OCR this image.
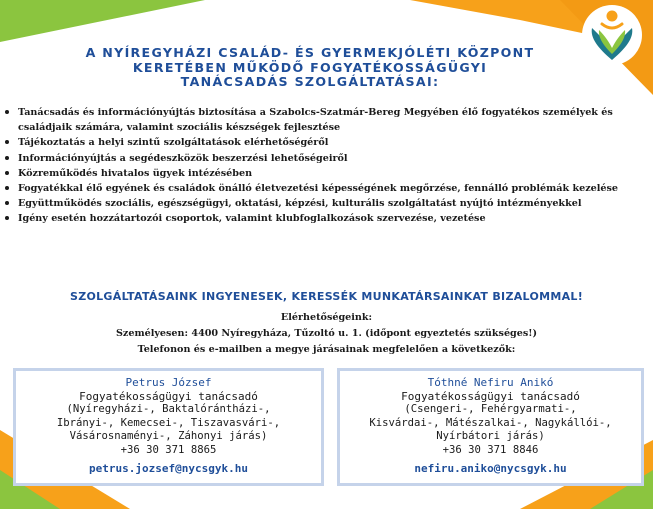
A NYÍREGYHÁZI CSALÁD- ÉS GYERMEKJÓLÉTI KÖZPONT
KERETÉBEN MŰKÖDŐ FOGYATÉKOSSÁGÜGYI
TANÁCSADÁS SZOLGÁLTATÁSAI:
Tanácsadás és információnyújtás biztosítása a Szabolcs-Szatmár-Bereg Megyében élő fogyatékos személyek és családjaik számára, valamint szociális készségek fejlesztése
Tájékoztatás a helyi szintű szolgáltatások elérhetőségéről
Információnyújtás a segédeszközök beszerzési lehetőségeiről
Közreműködés hivatalos ügyek intézésében
Fogyatékkal élő egyének és családok önálló életvezetési képességének megőrzése, fennálló problémák kezelése
Együttműködés szociális, egészségügyi, oktatási, képzési, kulturális szolgáltatást nyújtó intézményekkel
Igény esetén hozzátartozói csoportok, valamint klubfoglalkozások szervezése, vezetése
SZOLGÁLTATÁSAINK INGYENESEK, KERESSÉK MUNKATÁRSAINKAT BIZALOMMAL!
Elérhetőségeink:
Személyesen: 4400 Nyíregyháza, Tűzoltó u. 1. (időpont egyeztetés szükséges!)
Telefonon és e-mailben a megye járásainak megfelelően a következők:
Petrus József
Fogyatékosságügyi tanácsadó
(Nyíregyházi-, Baktalórántházi-,
Ibrányi-, Kemecsei-, Tiszavasvári-,
Vásárosnaményi-, Záhonyi járás)
+36 30 371 8865
petrus.jozsef@nycsgyk.hu
Tóthné Nefiru Anikó
Fogyatékosságügyi tanácsadó
(Csengeri-, Fehérgyarmati-,
Kisvárdai-, Mátészalkai-, Nagykállói-,
Nyírbátori járás)
+36 30 371 8846
nefiru.aniko@nycsgyk.hu
